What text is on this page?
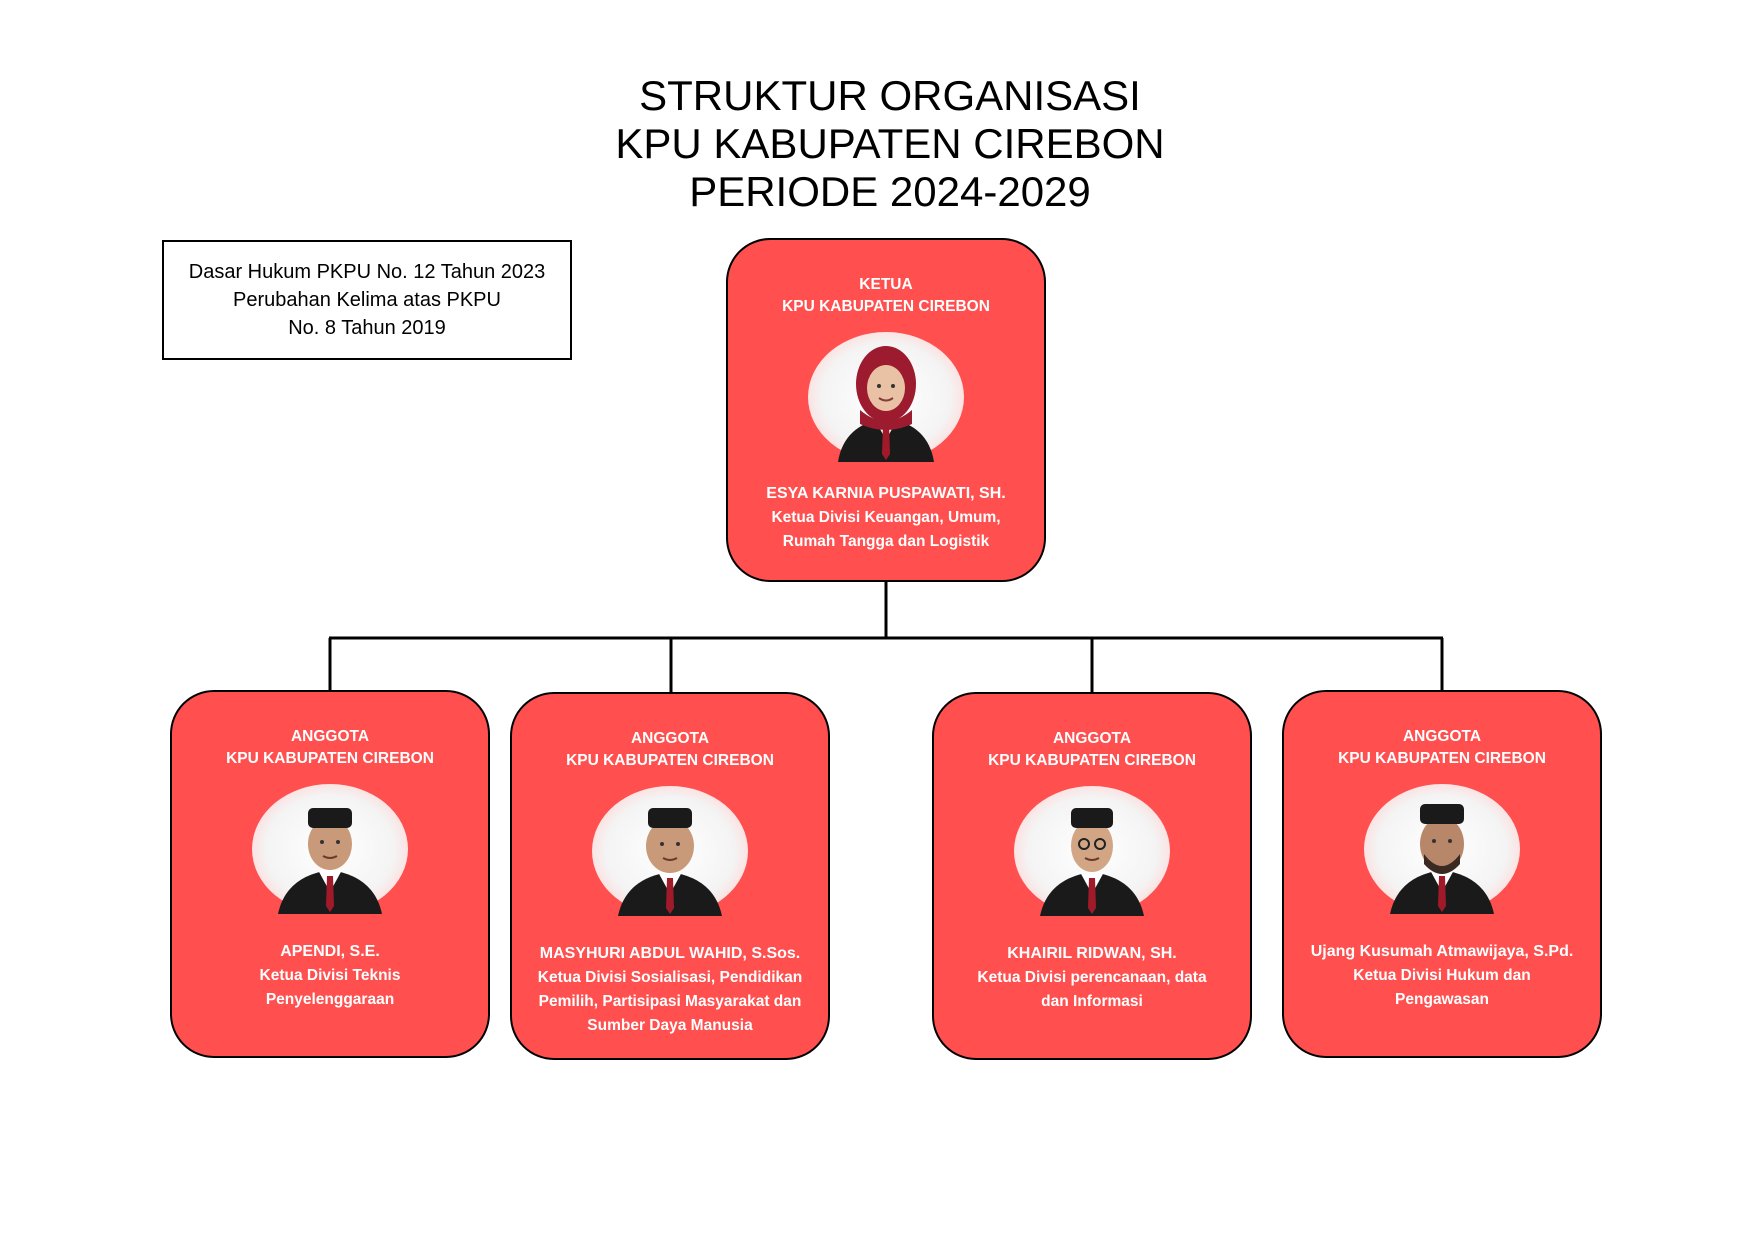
STRUKTUR ORGANISASI
KPU KABUPATEN CIREBON
PERIODE 2024-2029
Dasar Hukum PKPU No. 12 Tahun 2023
Perubahan Kelima atas PKPU
No. 8 Tahun 2019
KETUA
KPU KABUPATEN CIREBON
ESYA KARNIA PUSPAWATI, SH.
Ketua Divisi Keuangan, Umum,
Rumah Tangga dan Logistik
ANGGOTA
KPU KABUPATEN CIREBON
APENDI, S.E.
Ketua Divisi Teknis
Penyelenggaraan
ANGGOTA
KPU KABUPATEN CIREBON
MASYHURI ABDUL WAHID, S.Sos.
Ketua Divisi Sosialisasi, Pendidikan
Pemilih, Partisipasi Masyarakat dan
Sumber Daya Manusia
ANGGOTA
KPU KABUPATEN CIREBON
KHAIRIL RIDWAN, SH.
Ketua Divisi perencanaan, data
dan Informasi
ANGGOTA
KPU KABUPATEN CIREBON
Ujang Kusumah Atmawijaya, S.Pd.
Ketua Divisi Hukum dan
Pengawasan
